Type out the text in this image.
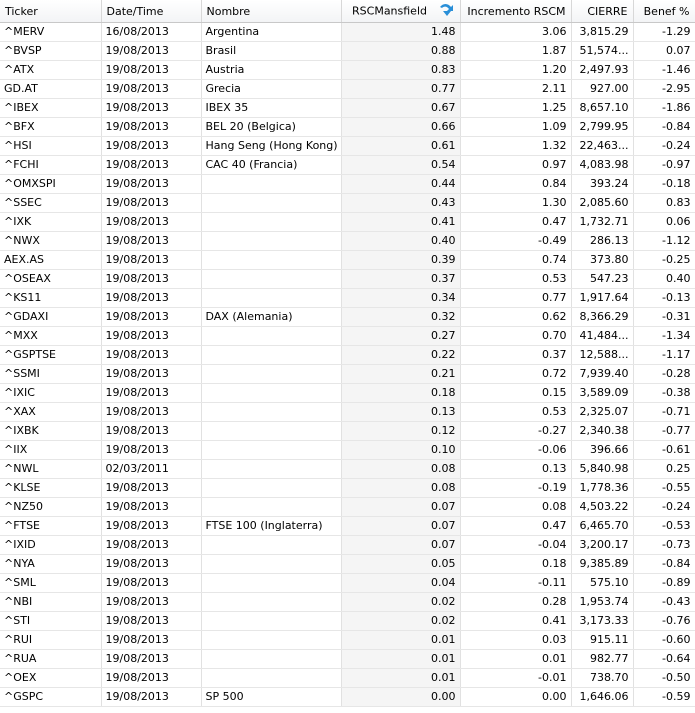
Ticker	Date/Time	Nombre	RSCMansfield	Incremento RSCM	CIERRE	Benef %
^MERV	16/08/2013	Argentina	1.48	3.06	3,815.29	-1.29
^BVSP	19/08/2013	Brasil	0.88	1.87	51,574...	0.07
^ATX	19/08/2013	Austria	0.83	1.20	2,497.93	-1.46
GD.AT	19/08/2013	Grecia	0.77	2.11	927.00	-2.95
^IBEX	19/08/2013	IBEX 35	0.67	1.25	8,657.10	-1.86
^BFX	19/08/2013	BEL 20 (Belgica)	0.66	1.09	2,799.95	-0.84
^HSI	19/08/2013	Hang Seng (Hong Kong)	0.61	1.32	22,463...	-0.24
^FCHI	19/08/2013	CAC 40 (Francia)	0.54	0.97	4,083.98	-0.97
^OMXSPI	19/08/2013		0.44	0.84	393.24	-0.18
^SSEC	19/08/2013		0.43	1.30	2,085.60	0.83
^IXK	19/08/2013		0.41	0.47	1,732.71	0.06
^NWX	19/08/2013		0.40	-0.49	286.13	-1.12
AEX.AS	19/08/2013		0.39	0.74	373.80	-0.25
^OSEAX	19/08/2013		0.37	0.53	547.23	0.40
^KS11	19/08/2013		0.34	0.77	1,917.64	-0.13
^GDAXI	19/08/2013	DAX (Alemania)	0.32	0.62	8,366.29	-0.31
^MXX	19/08/2013		0.27	0.70	41,484...	-1.34
^GSPTSE	19/08/2013		0.22	0.37	12,588...	-1.17
^SSMI	19/08/2013		0.21	0.72	7,939.40	-0.28
^IXIC	19/08/2013		0.18	0.15	3,589.09	-0.38
^XAX	19/08/2013		0.13	0.53	2,325.07	-0.71
^IXBK	19/08/2013		0.12	-0.27	2,340.38	-0.77
^IIX	19/08/2013		0.10	-0.06	396.66	-0.61
^NWL	02/03/2011		0.08	0.13	5,840.98	0.25
^KLSE	19/08/2013		0.08	-0.19	1,778.36	-0.55
^NZ50	19/08/2013		0.07	0.08	4,503.22	-0.24
^FTSE	19/08/2013	FTSE 100 (Inglaterra)	0.07	0.47	6,465.70	-0.53
^IXID	19/08/2013		0.07	-0.04	3,200.17	-0.73
^NYA	19/08/2013		0.05	0.18	9,385.89	-0.84
^SML	19/08/2013		0.04	-0.11	575.10	-0.89
^NBI	19/08/2013		0.02	0.28	1,953.74	-0.43
^STI	19/08/2013		0.02	0.41	3,173.33	-0.76
^RUI	19/08/2013		0.01	0.03	915.11	-0.60
^RUA	19/08/2013		0.01	0.01	982.77	-0.64
^OEX	19/08/2013		0.01	-0.01	738.70	-0.50
^GSPC	19/08/2013	SP 500	0.00	0.00	1,646.06	-0.59
